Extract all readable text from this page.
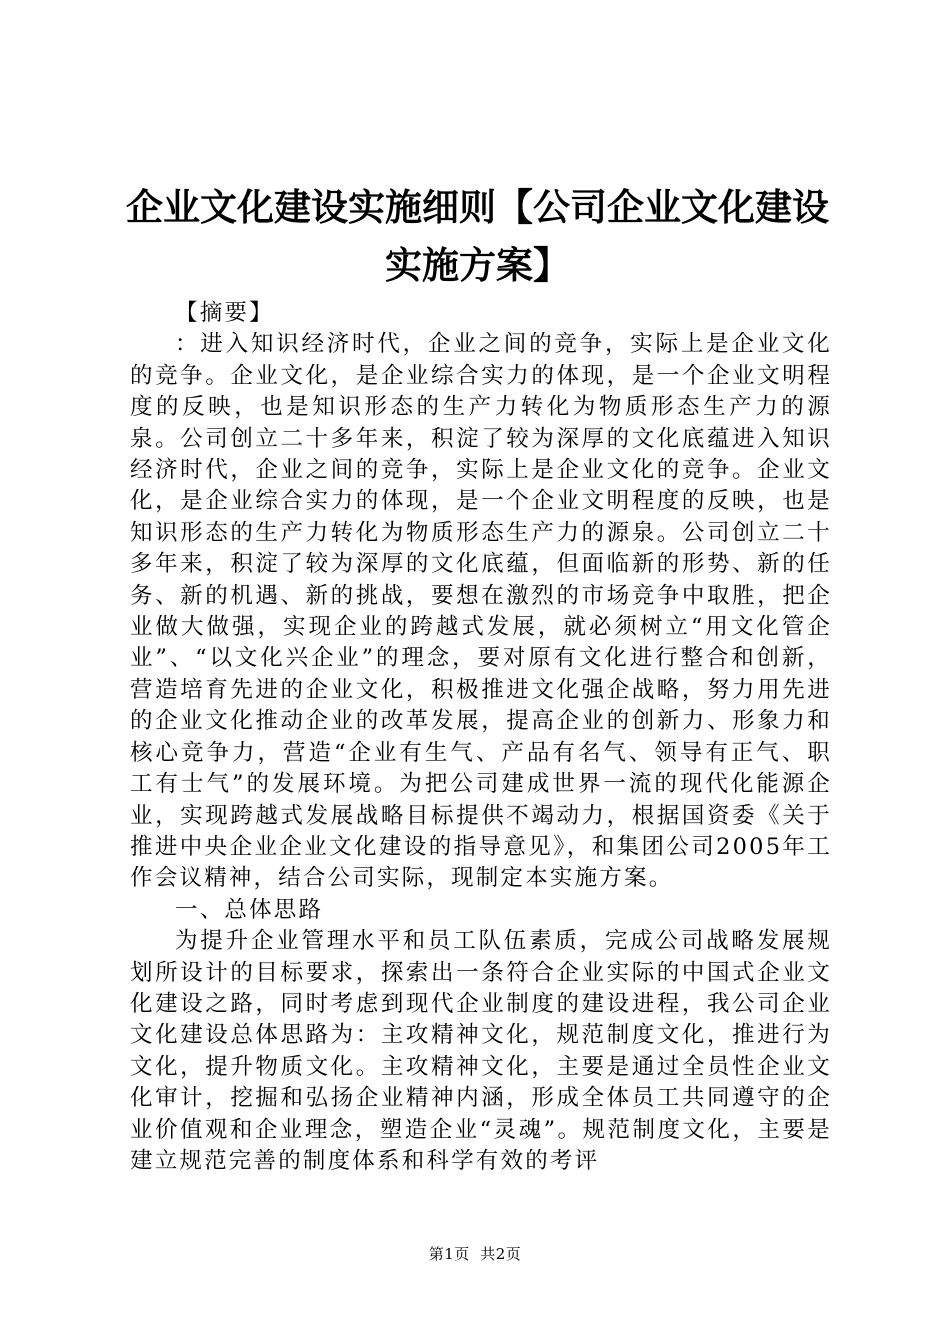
企业文化建设实施细则【公司企业文化建设实施方案】

【摘要】

：进入知识经济时代，企业之间的竞争，实际上是企业文化的竞争。企业文化，是企业综合实力的体现，是一个企业文明程度的反映，也是知识形态的生产力转化为物质形态生产力的源泉。公司创立二十多年来，积淀了较为深厚的文化底蕴进入知识经济时代，企业之间的竞争，实际上是企业文化的竞争。企业文化，是企业综合实力的体现，是一个企业文明程度的反映，也是知识形态的生产力转化为物质形态生产力的源泉。公司创立二十多年来，积淀了较为深厚的文化底蕴，但面临新的形势、新的任务、新的机遇、新的挑战，要想在激烈的市场竞争中取胜，把企业做大做强，实现企业的跨越式发展，就必须树立“用文化管企业”、“以文化兴企业”的理念，要对原有文化进行整合和创新，营造培育先进的企业文化，积极推进文化强企战略，努力用先进的企业文化推动企业的改革发展，提高企业的创新力、形象力和核心竞争力，营造“企业有生气、产品有名气、领导有正气、职工有士气”的发展环境。为把公司建成世界一流的现代化能源企业，实现跨越式发展战略目标提供不竭动力，根据国资委《关于推进中央企业企业文化建设的指导意见》，和集团公司2005年工作会议精神，结合公司实际，现制定本实施方案。

一、总体思路

为提升企业管理水平和员工队伍素质，完成公司战略发展规划所设计的目标要求，探索出一条符合企业实际的中国式企业文化建设之路，同时考虑到现代企业制度的建设进程，我公司企业文化建设总体思路为：主攻精神文化，规范制度文化，推进行为文化，提升物质文化。主攻精神文化，主要是通过全员性企业文化审计，挖掘和弘扬企业精神内涵，形成全体员工共同遵守的企业价值观和企业理念，塑造企业“灵魂”。规范制度文化，主要是建立规范完善的制度体系和科学有效的考评

第1页  共2页
